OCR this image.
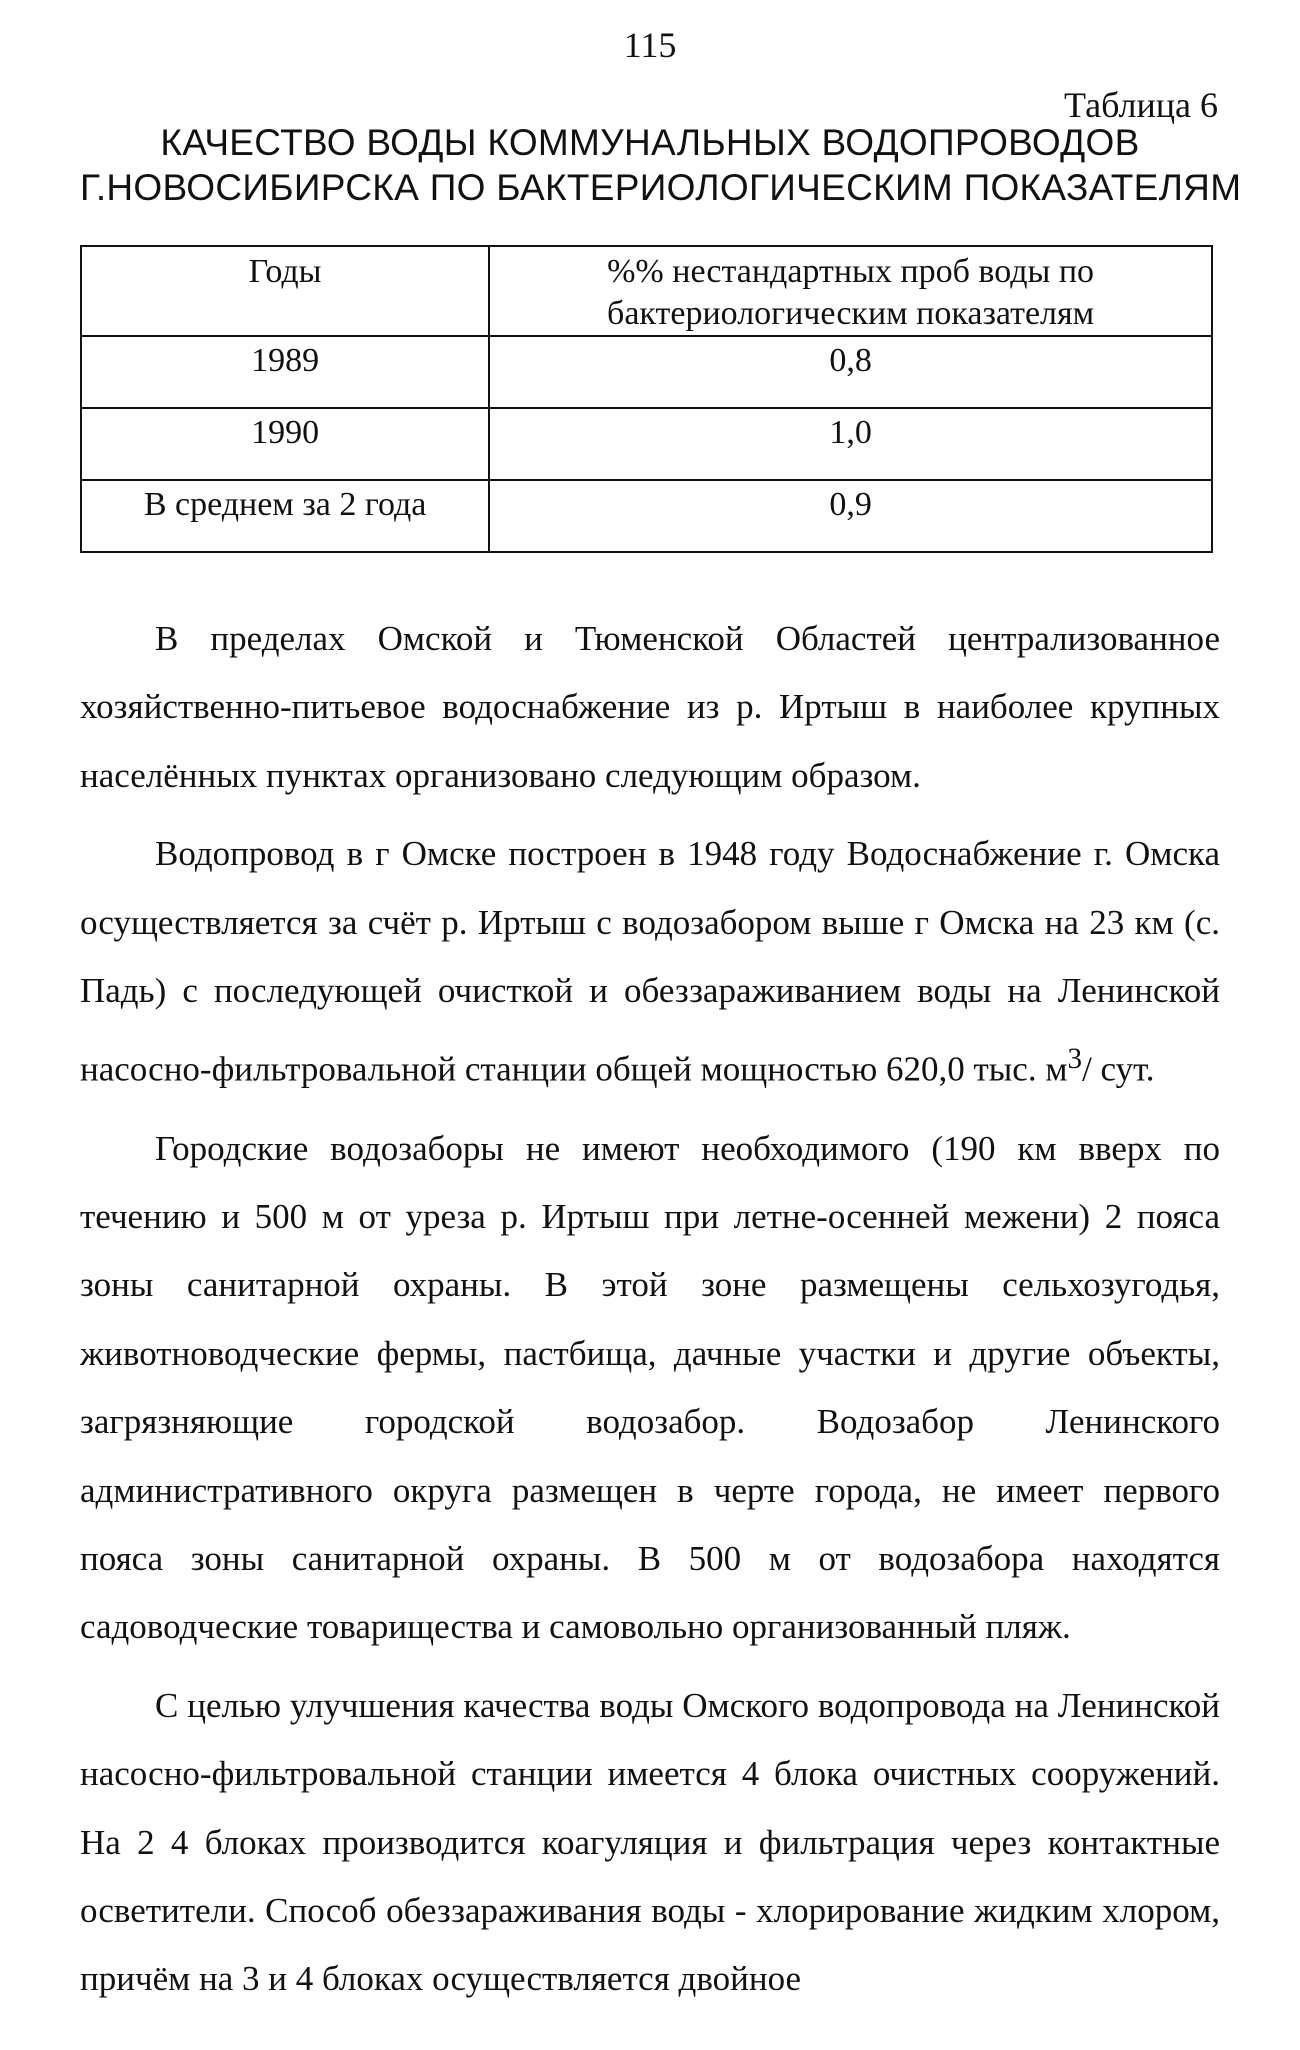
115
Таблица 6
КАЧЕСТВО ВОДЫ КОММУНАЛЬНЫХ ВОДОПРОВОДОВ
Г.НОВОСИБИРСКА ПО БАКТЕРИОЛОГИЧЕСКИМ ПОКАЗАТЕЛЯМ
Годы	%% нестандартных проб воды по
бактериологическим показателям
1989	0,8
1990	1,0
В среднем за 2 года	0,9

В пределах Омской и Тюменской Областей централизованное хозяйственно-питьевое водоснабжение из р. Иртыш в наиболее крупных населённых пунктах организовано следующим образом.

Водопровод в г Омске построен в 1948 году Водоснабжение г. Омска осуществляется за счёт р. Иртыш с водозабором выше г Омска на 23 км (с. Падь) с последующей очисткой и обеззараживанием воды на Ленинской насосно-фильтровальной станции общей мощностью 620,0 тыс. $м^3/$ сут.

Городские водозаборы не имеют необходимого (190 км вверх по течению и 500 м от уреза р. Иртыш при летне-осенней межени) 2 пояса зоны санитарной охраны. В этой зоне размещены сельхозугодья, животноводческие фермы, пастбища, дачные участки и другие объекты, загрязняющие городской водозабор. Водозабор Ленинского административного округа размещен в черте города, не имеет первого пояса зоны санитарной охраны. В 500 м от водозабора находятся садоводческие товарищества и самовольно организованный пляж.

С целью улучшения качества воды Омского водопровода на Ленинской насосно-фильтровальной станции имеется 4 блока очистных сооружений. На 2 4 блоках производится коагуляция и фильтрация через контактные осветители. Способ обеззараживания воды - хлорирование жидким хлором, причём на 3 и 4 блоках осуществляется двойное
